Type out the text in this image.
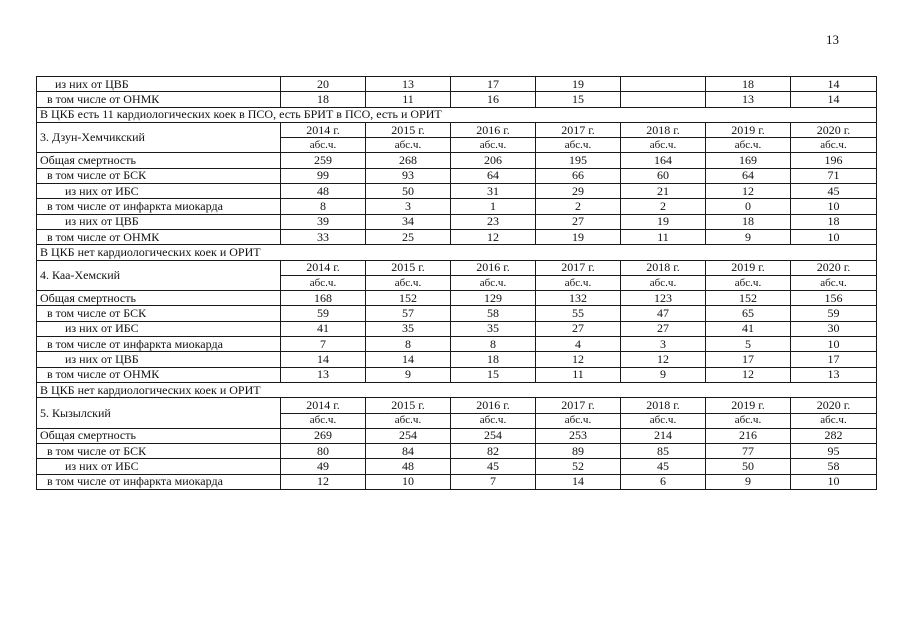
13
из них от ЦВБ	20	13	17	19		18	14
в том числе от ОНМК	18	11	16	15		13	14
В ЦКБ есть 11 кардиологических коек в ПСО, есть БРИТ в ПСО, есть и ОРИТ							
3. Дзун-Хемчикский	2014 г.	2015 г.	2016 г.	2017 г.	2018 г.	2019 г.	2020 г.
	абс.ч.	абс.ч.	абс.ч.	абс.ч.	абс.ч.	абс.ч.	абс.ч.
Общая смертность	259	268	206	195	164	169	196
в том числе от БСК	99	93	64	66	60	64	71
из них от ИБС	48	50	31	29	21	12	45
в том числе от инфаркта миокарда	8	3	1	2	2	0	10
из них от ЦВБ	39	34	23	27	19	18	18
в том числе от ОНМК	33	25	12	19	11	9	10
В ЦКБ нет кардиологических коек и ОРИТ							
4. Каа-Хемский	2014 г.	2015 г.	2016 г.	2017 г.	2018 г.	2019 г.	2020 г.
	абс.ч.	абс.ч.	абс.ч.	абс.ч.	абс.ч.	абс.ч.	абс.ч.
Общая смертность	168	152	129	132	123	152	156
в том числе от БСК	59	57	58	55	47	65	59
из них от ИБС	41	35	35	27	27	41	30
в том числе от инфаркта миокарда	7	8	8	4	3	5	10
из них от ЦВБ	14	14	18	12	12	17	17
в том числе от ОНМК	13	9	15	11	9	12	13
В ЦКБ нет кардиологических коек и ОРИТ							
5. Кызылский	2014 г.	2015 г.	2016 г.	2017 г.	2018 г.	2019 г.	2020 г.
	абс.ч.	абс.ч.	абс.ч.	абс.ч.	абс.ч.	абс.ч.	абс.ч.
Общая смертность	269	254	254	253	214	216	282
в том числе от БСК	80	84	82	89	85	77	95
из них от ИБС	49	48	45	52	45	50	58
в том числе от инфаркта миокарда	12	10	7	14	6	9	10
